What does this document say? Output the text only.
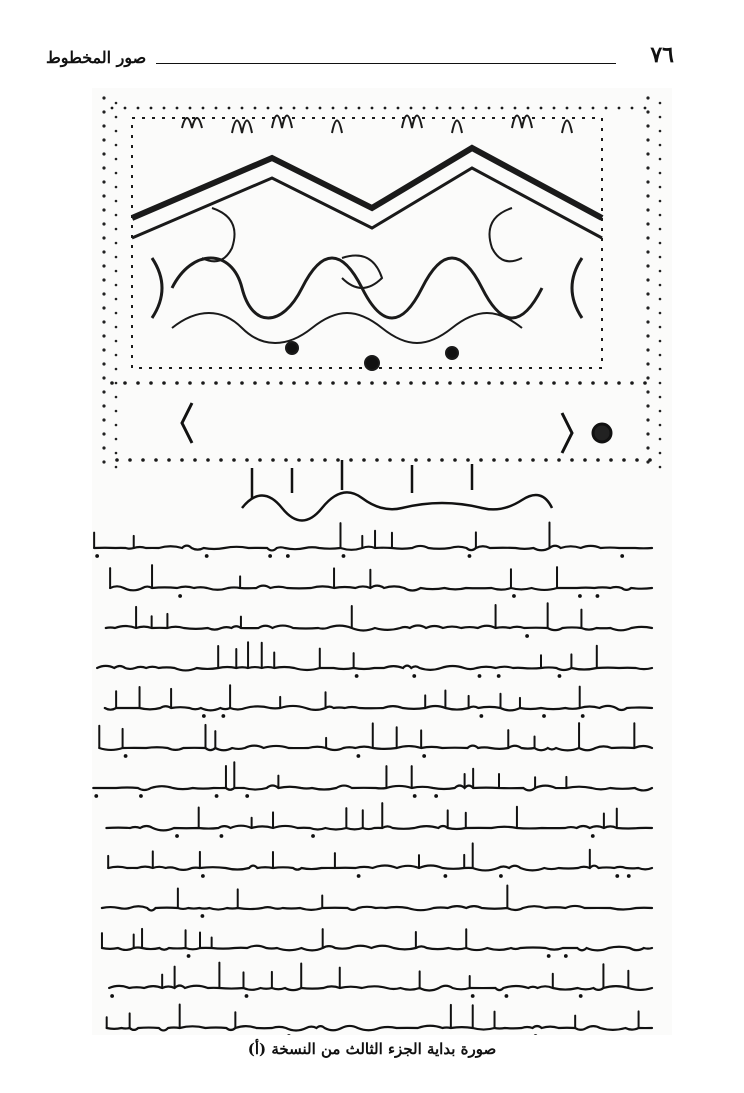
صور المخطوط	٧٦
صورة بداية الجزء الثالث من النسخة (أ)
